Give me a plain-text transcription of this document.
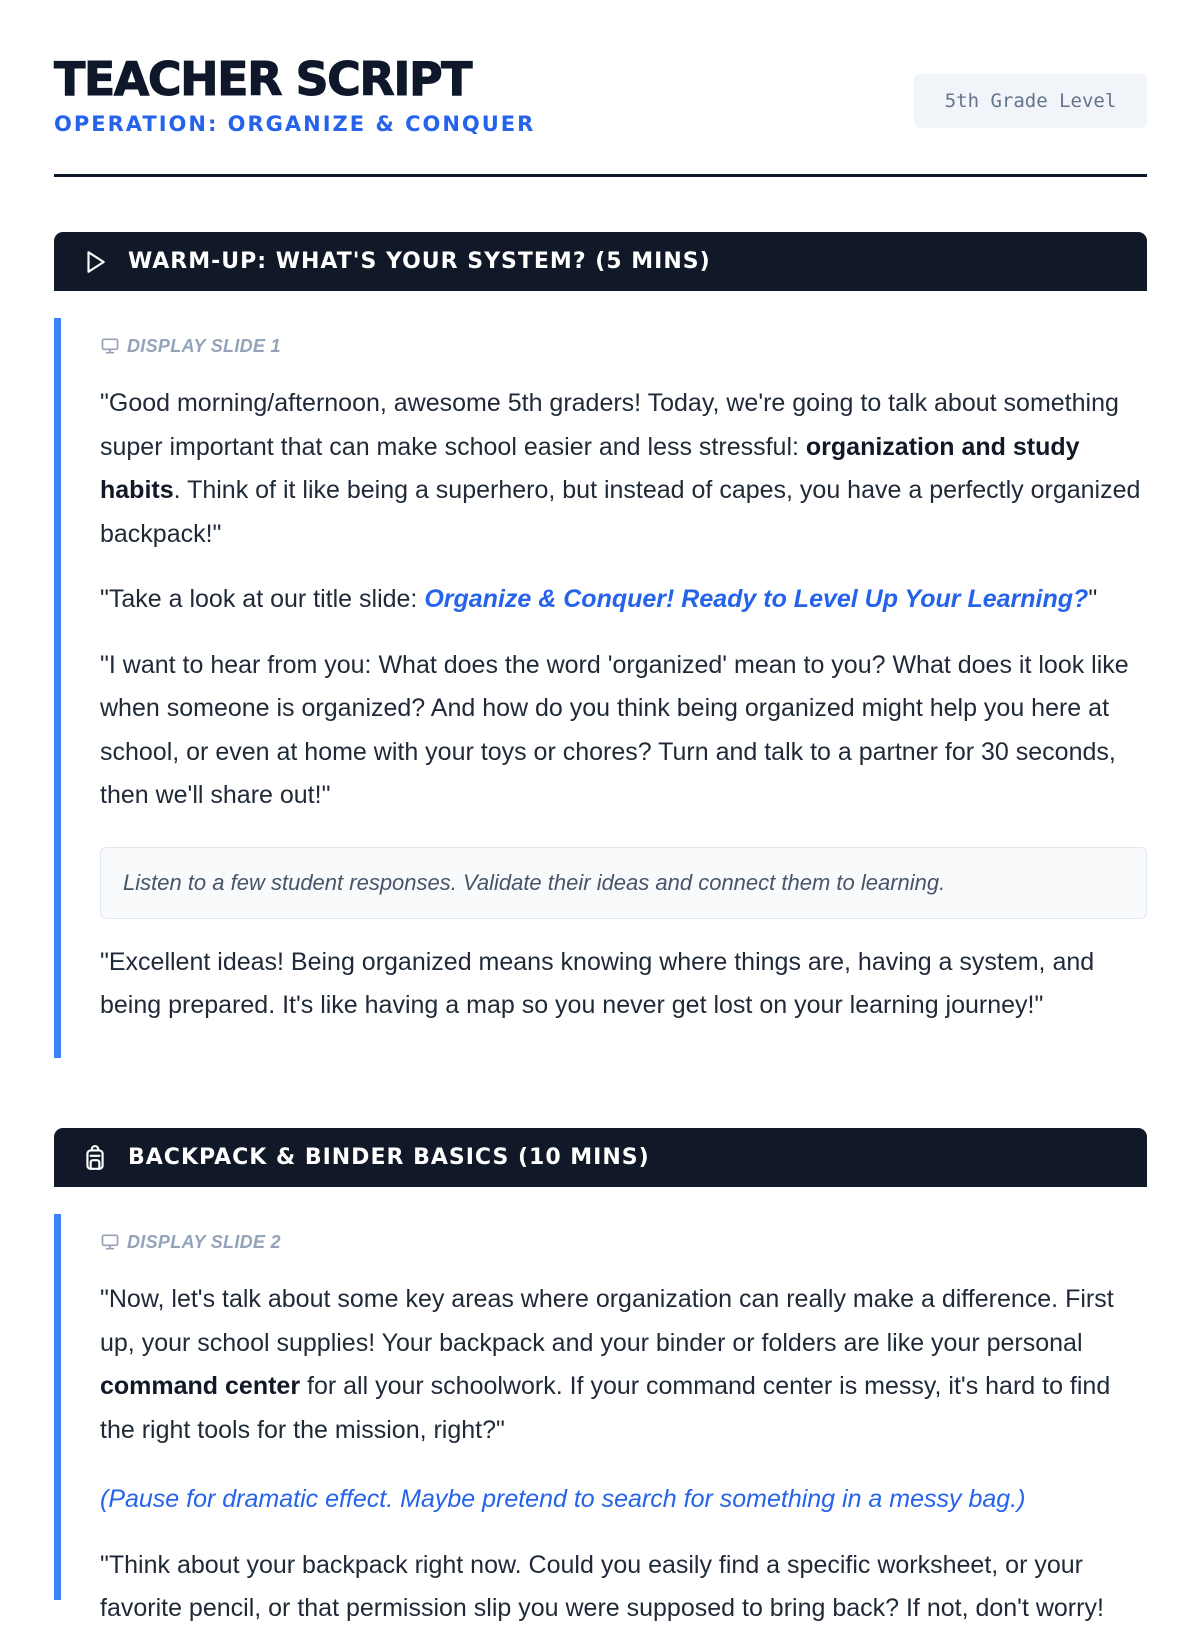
TEACHER SCRIPT
OPERATION: ORGANIZE & CONQUER
5th Grade Level
WARM-UP: WHAT'S YOUR SYSTEM? (5 MINS)
DISPLAY SLIDE 1

"Good morning/afternoon, awesome 5th graders! Today, we're going to talk about something super important that can make school easier and less stressful: organization and study habits. Think of it like being a superhero, but instead of capes, you have a perfectly organized backpack!"

"Take a look at our title slide: Organize & Conquer! Ready to Level Up Your Learning?"

"I want to hear from you: What does the word 'organized' mean to you? What does it look like when someone is organized? And how do you think being organized might help you here at school, or even at home with your toys or chores? Turn and talk to a partner for 30 seconds, then we'll share out!"

Listen to a few student responses. Validate their ideas and connect them to learning.

"Excellent ideas! Being organized means knowing where things are, having a system, and being prepared. It's like having a map so you never get lost on your learning journey!"

BACKPACK & BINDER BASICS (10 MINS)
DISPLAY SLIDE 2

"Now, let's talk about some key areas where organization can really make a difference. First up, your school supplies! Your backpack and your binder or folders are like your personal command center for all your schoolwork. If your command center is messy, it's hard to find the right tools for the mission, right?"

(Pause for dramatic effect. Maybe pretend to search for something in a messy bag.)

"Think about your backpack right now. Could you easily find a specific worksheet, or your favorite pencil, or that permission slip you were supposed to bring back? If not, don't worry!
